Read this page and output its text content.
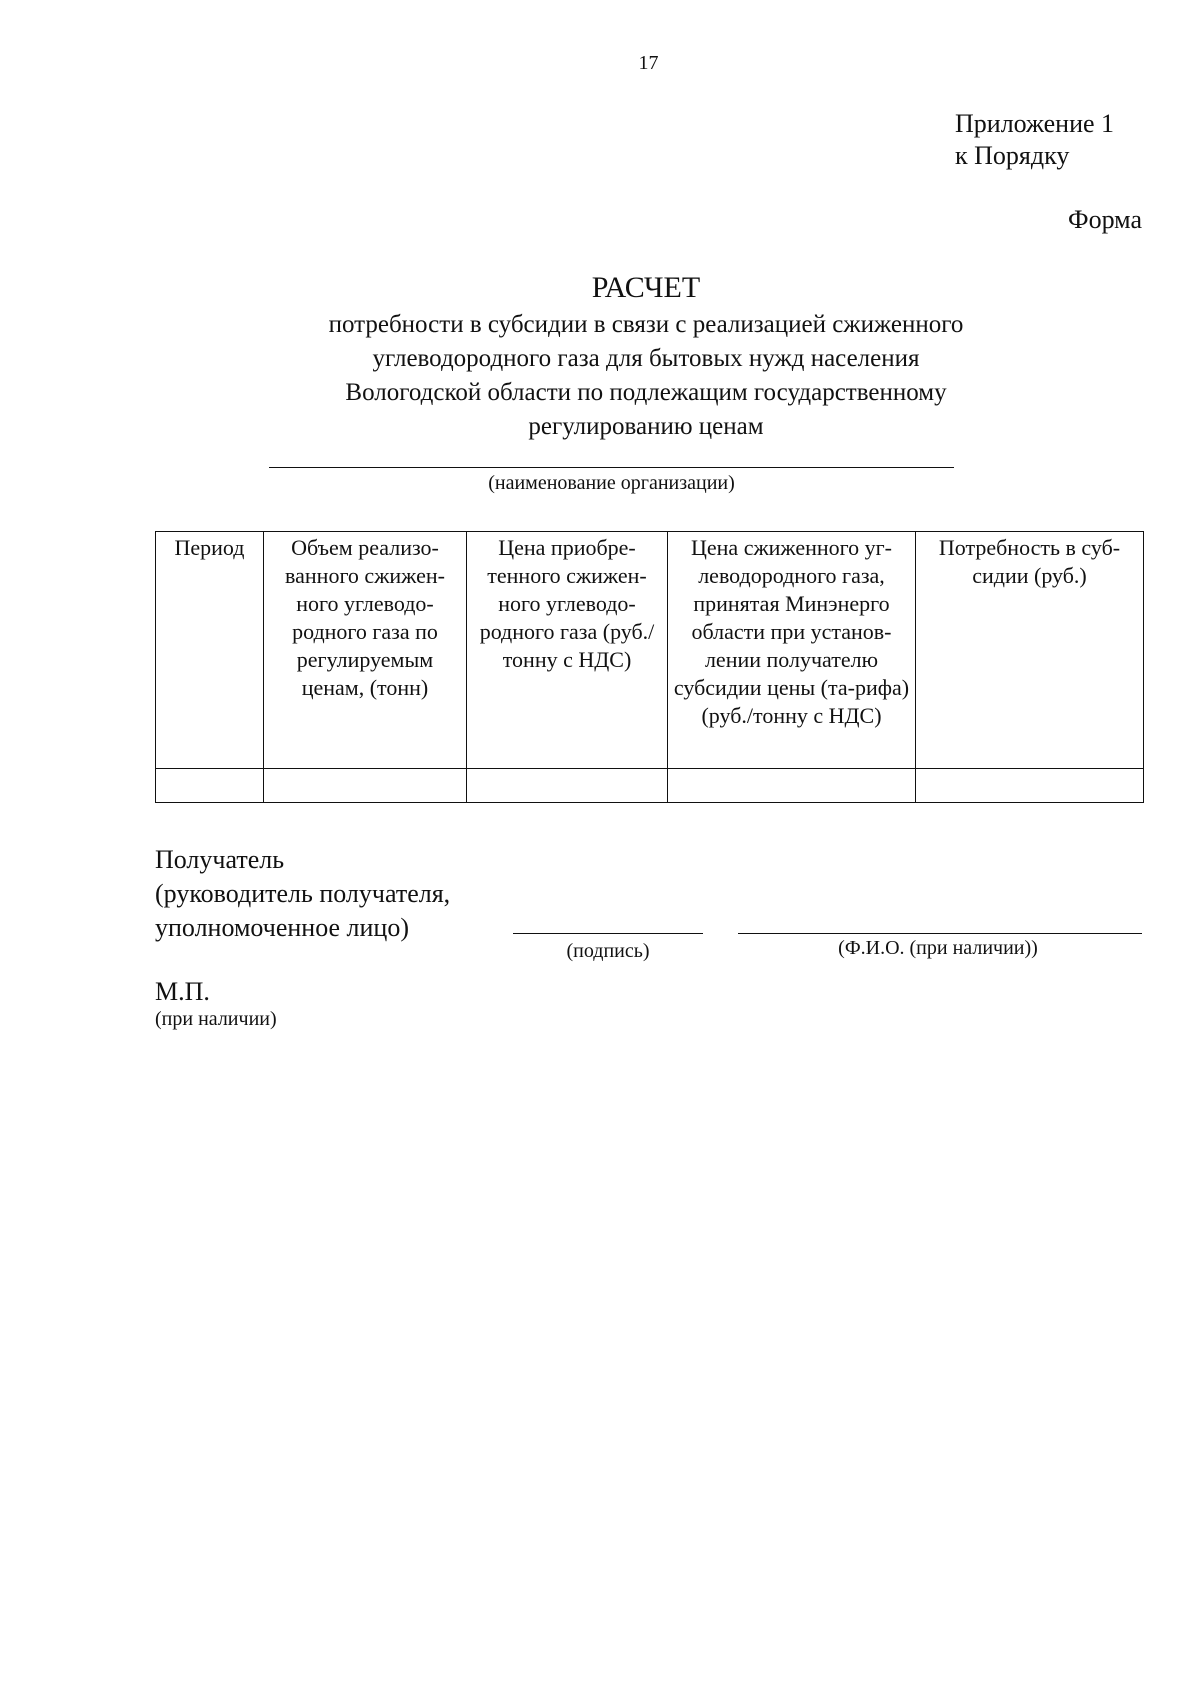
17
Приложение 1
к Порядку
Форма
РАСЧЕТ
потребности в субсидии в связи с реализацией сжиженного
углеводородного газа для бытовых нужд населения
Вологодской области по подлежащим государственному
регулированию ценам
(наименование организации)
Период	Объем реализо-ванного сжижен-ного углеводо-родного газа по регулируемым ценам, (тонн)	Цена приобре-тенного сжижен-ного углеводо-родного газа (руб./тонну с НДС)	Цена сжиженного уг-леводородного газа, принятая Минэнерго области при установ-лении получателю субсидии цены (та-рифа) (руб./тонну с НДС)	Потребность в суб-сидии (руб.)

Получатель
(руководитель получателя,
уполномоченное лицо)
(подпись)	(Ф.И.О. (при наличии))
М.П.
(при наличии)
